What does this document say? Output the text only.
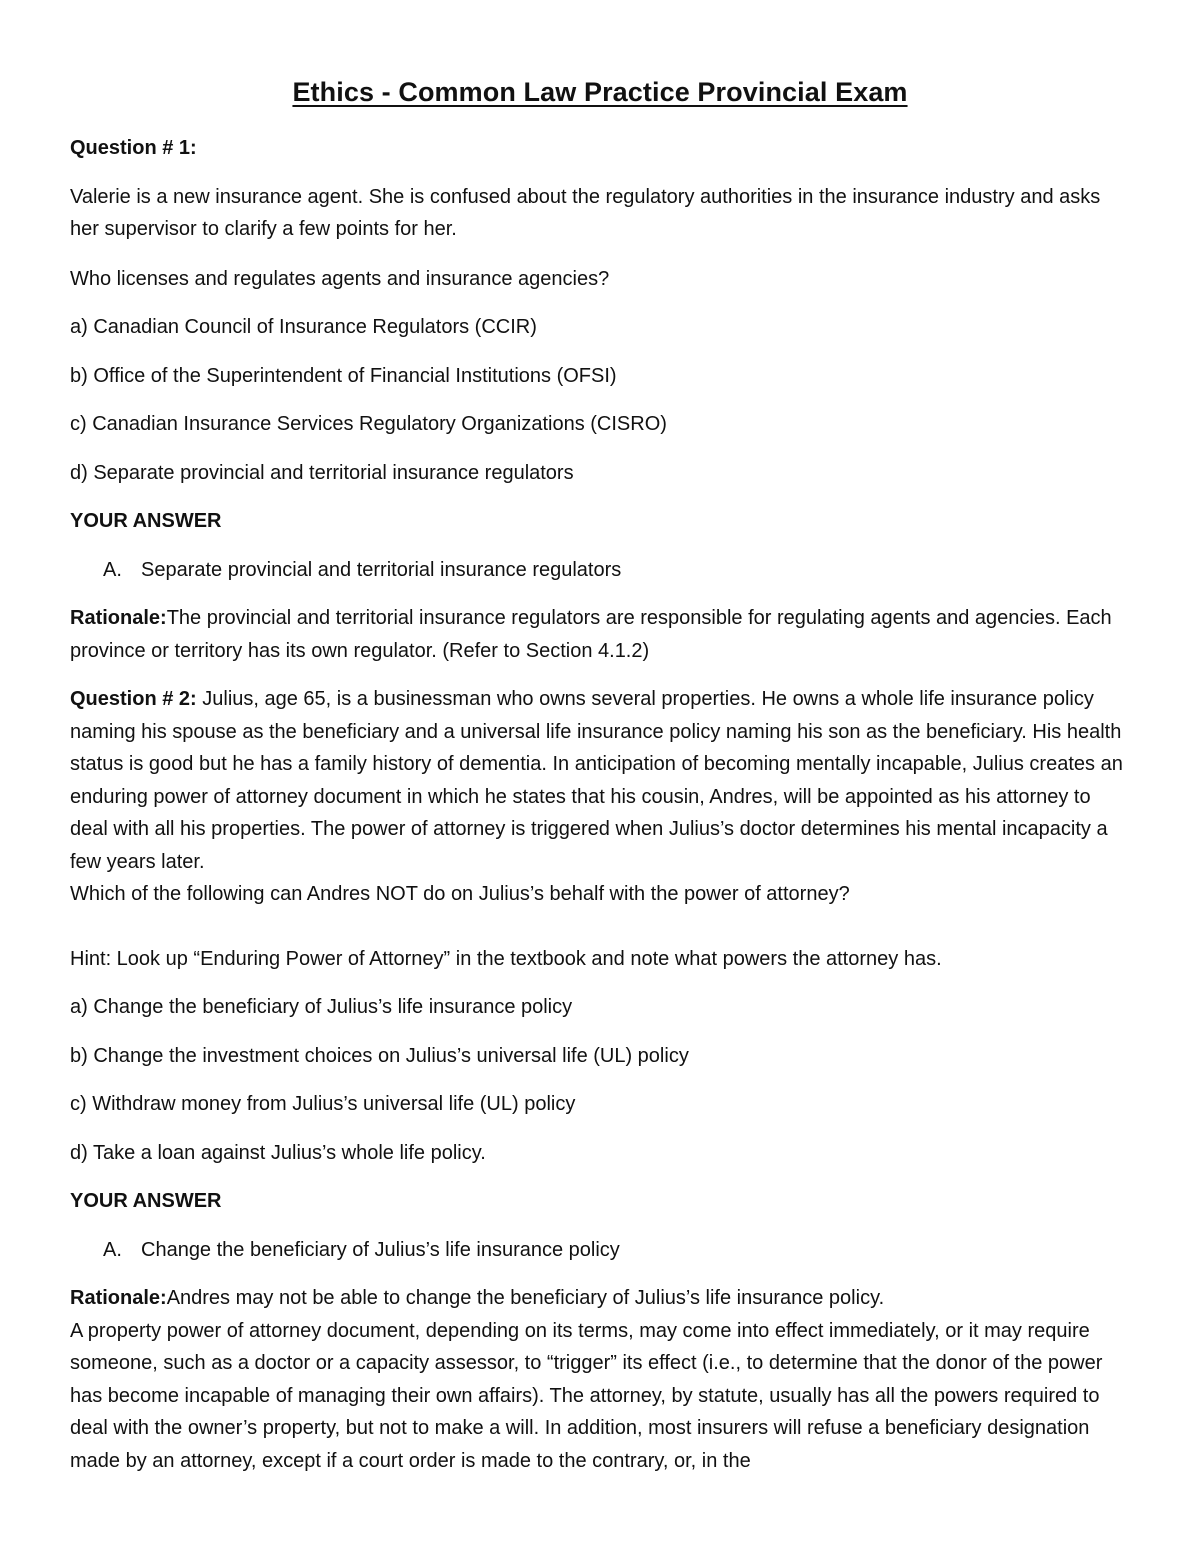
Ethics - Common Law Practice Provincial Exam

Question # 1:

Valerie is a new insurance agent. She is confused about the regulatory authorities in the insurance industry and asks her supervisor to clarify a few points for her.

Who licenses and regulates agents and insurance agencies?

a) Canadian Council of Insurance Regulators (CCIR)

b) Office of the Superintendent of Financial Institutions (OFSI)

c) Canadian Insurance Services Regulatory Organizations (CISRO)

d) Separate provincial and territorial insurance regulators

YOUR ANSWER

A. Separate provincial and territorial insurance regulators

Rationale:The provincial and territorial insurance regulators are responsible for regulating agents and agencies. Each province or territory has its own regulator. (Refer to Section 4.1.2)

Question # 2: Julius, age 65, is a businessman who owns several properties. He owns a whole life insurance policy naming his spouse as the beneficiary and a universal life insurance policy naming his son as the beneficiary. His health status is good but he has a family history of dementia. In anticipation of becoming mentally incapable, Julius creates an enduring power of attorney document in which he states that his cousin, Andres, will be appointed as his attorney to deal with all his properties. The power of attorney is triggered when Julius’s doctor determines his mental incapacity a few years later.
Which of the following can Andres NOT do on Julius’s behalf with the power of attorney?

Hint: Look up “Enduring Power of Attorney” in the textbook and note what powers the attorney has.

a) Change the beneficiary of Julius’s life insurance policy

b) Change the investment choices on Julius’s universal life (UL) policy

c) Withdraw money from Julius’s universal life (UL) policy

d) Take a loan against Julius’s whole life policy.

YOUR ANSWER

A. Change the beneficiary of Julius’s life insurance policy

Rationale:Andres may not be able to change the beneficiary of Julius’s life insurance policy.
A property power of attorney document, depending on its terms, may come into effect immediately, or it may require someone, such as a doctor or a capacity assessor, to “trigger” its effect (i.e., to determine that the donor of the power has become incapable of managing their own affairs). The attorney, by statute, usually has all the powers required to deal with the owner’s property, but not to make a will. In addition, most insurers will refuse a beneficiary designation made by an attorney, except if a court order is made to the contrary, or, in the
